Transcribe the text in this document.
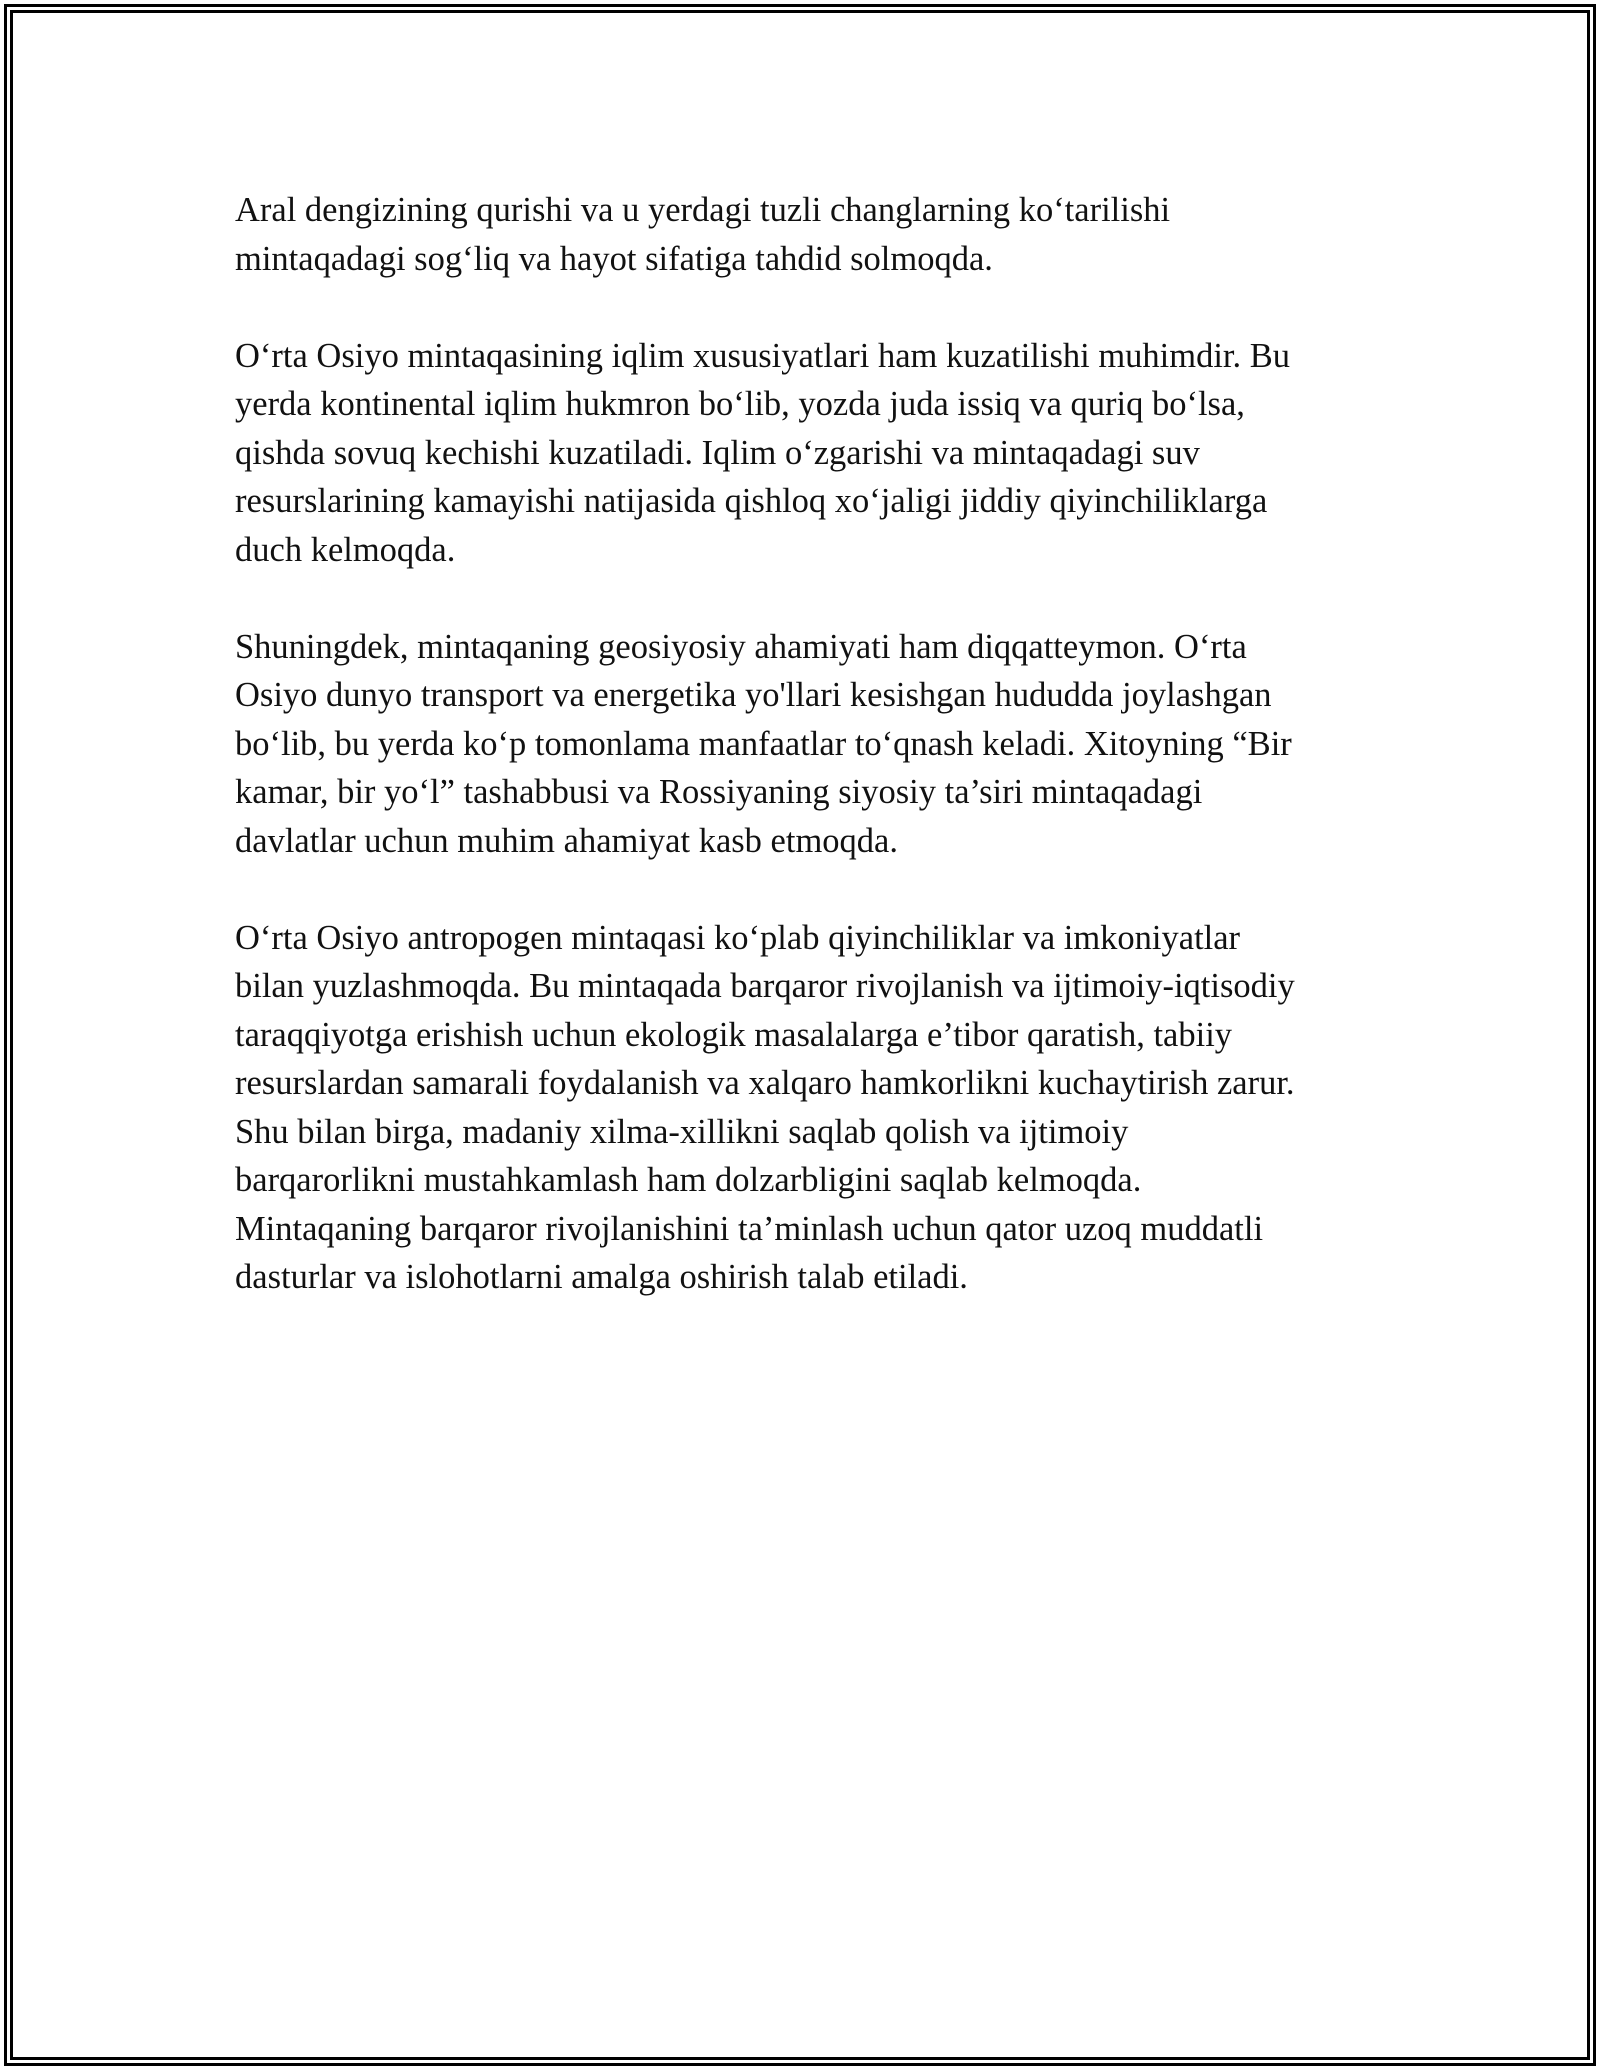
Aral dengizining qurishi va u yerdagi tuzli changlarning ko‘tarilishi
mintaqadagi sog‘liq va hayot sifatiga tahdid solmoqda.

O‘rta Osiyo mintaqasining iqlim xususiyatlari ham kuzatilishi muhimdir. Bu
yerda kontinental iqlim hukmron bo‘lib, yozda juda issiq va quriq bo‘lsa,
qishda sovuq kechishi kuzatiladi. Iqlim o‘zgarishi va mintaqadagi suv
resurslarining kamayishi natijasida qishloq xo‘jaligi jiddiy qiyinchiliklarga
duch kelmoqda.

Shuningdek, mintaqaning geosiyosiy ahamiyati ham diqqatteymon. O‘rta
Osiyo dunyo transport va energetika yo'llari kesishgan hududda joylashgan
bo‘lib, bu yerda ko‘p tomonlama manfaatlar to‘qnash keladi. Xitoyning “Bir
kamar, bir yo‘l” tashabbusi va Rossiyaning siyosiy ta’siri mintaqadagi
davlatlar uchun muhim ahamiyat kasb etmoqda.

O‘rta Osiyo antropogen mintaqasi ko‘plab qiyinchiliklar va imkoniyatlar
bilan yuzlashmoqda. Bu mintaqada barqaror rivojlanish va ijtimoiy-iqtisodiy
taraqqiyotga erishish uchun ekologik masalalarga e’tibor qaratish, tabiiy
resurslardan samarali foydalanish va xalqaro hamkorlikni kuchaytirish zarur.
Shu bilan birga, madaniy xilma-xillikni saqlab qolish va ijtimoiy
barqarorlikni mustahkamlash ham dolzarbligini saqlab kelmoqda.
Mintaqaning barqaror rivojlanishini ta’minlash uchun qator uzoq muddatli
dasturlar va islohotlarni amalga oshirish talab etiladi.
